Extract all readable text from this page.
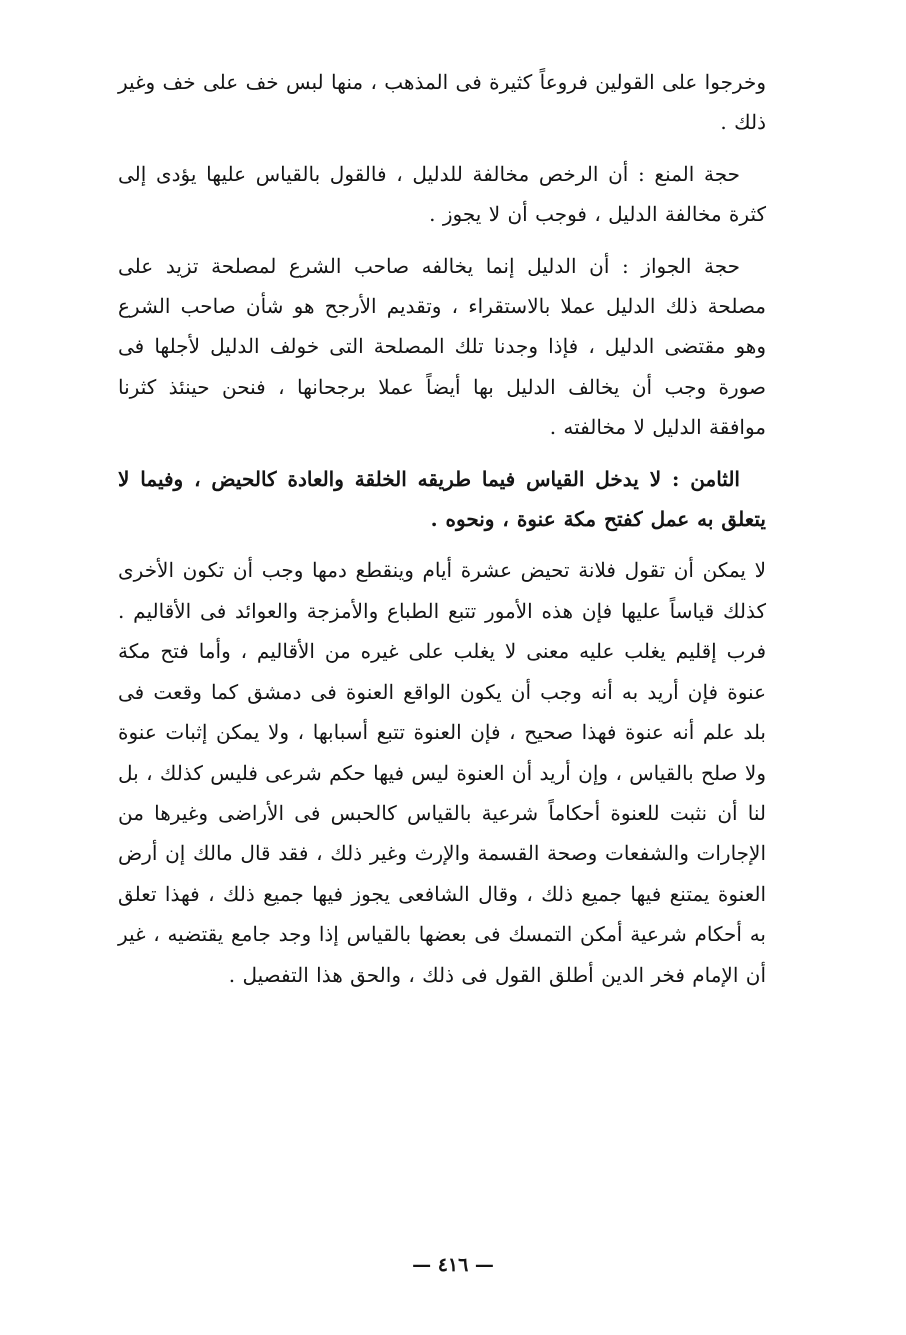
وخرجوا على القولين فروعاً كثيرة فى المذهب ، منها لبس خف على خف وغير ذلك .

حجة المنع : أن الرخص مخالفة للدليل ، فالقول بالقياس عليها يؤدى إلى كثرة مخالفة الدليل ، فوجب أن لا يجوز .

حجة الجواز : أن الدليل إنما يخالفه صاحب الشرع لمصلحة تزيد على مصلحة ذلك الدليل عملا بالاستقراء ، وتقديم الأرجح هو شأن صاحب الشرع وهو مقتضى الدليل ، فإذا وجدنا تلك المصلحة التى خولف الدليل لأجلها فى صورة وجب أن يخالف الدليل بها أيضاً عملا برجحانها ، فنحن حينئذ كثرنا موافقة الدليل لا مخالفته .

الثامن : لا يدخل القياس فيما طريقه الخلقة والعادة كالحيض ، وفيما لا يتعلق به عمل كفتح مكة عنوة ، ونحوه .

لا يمكن أن تقول فلانة تحيض عشرة أيام وينقطع دمها وجب أن تكون الأخرى كذلك قياساً عليها فإن هذه الأمور تتبع الطباع والأمزجة والعوائد فى الأقاليم . فرب إقليم يغلب عليه معنى لا يغلب على غيره من الأقاليم ، وأما فتح مكة عنوة فإن أريد به أنه وجب أن يكون الواقع العنوة فى دمشق كما وقعت فى بلد علم أنه عنوة فهذا صحيح ، فإن العنوة تتبع أسبابها ، ولا يمكن إثبات عنوة ولا صلح بالقياس ، وإن أريد أن العنوة ليس فيها حكم شرعى فليس كذلك ، بل لنا أن نثبت للعنوة أحكاماً شرعية بالقياس كالحبس فى الأراضى وغيرها من الإجارات والشفعات وصحة القسمة والإرث وغير ذلك ، فقد قال مالك إن أرض العنوة يمتنع فيها جميع ذلك ، وقال الشافعى يجوز فيها جميع ذلك ، فهذا تعلق به أحكام شرعية أمكن التمسك فى بعضها بالقياس إذا وجد جامع يقتضيه ، غير أن الإمام فخر الدين أطلق القول فى ذلك ، والحق هذا التفصيل .

— ٤١٦ —
